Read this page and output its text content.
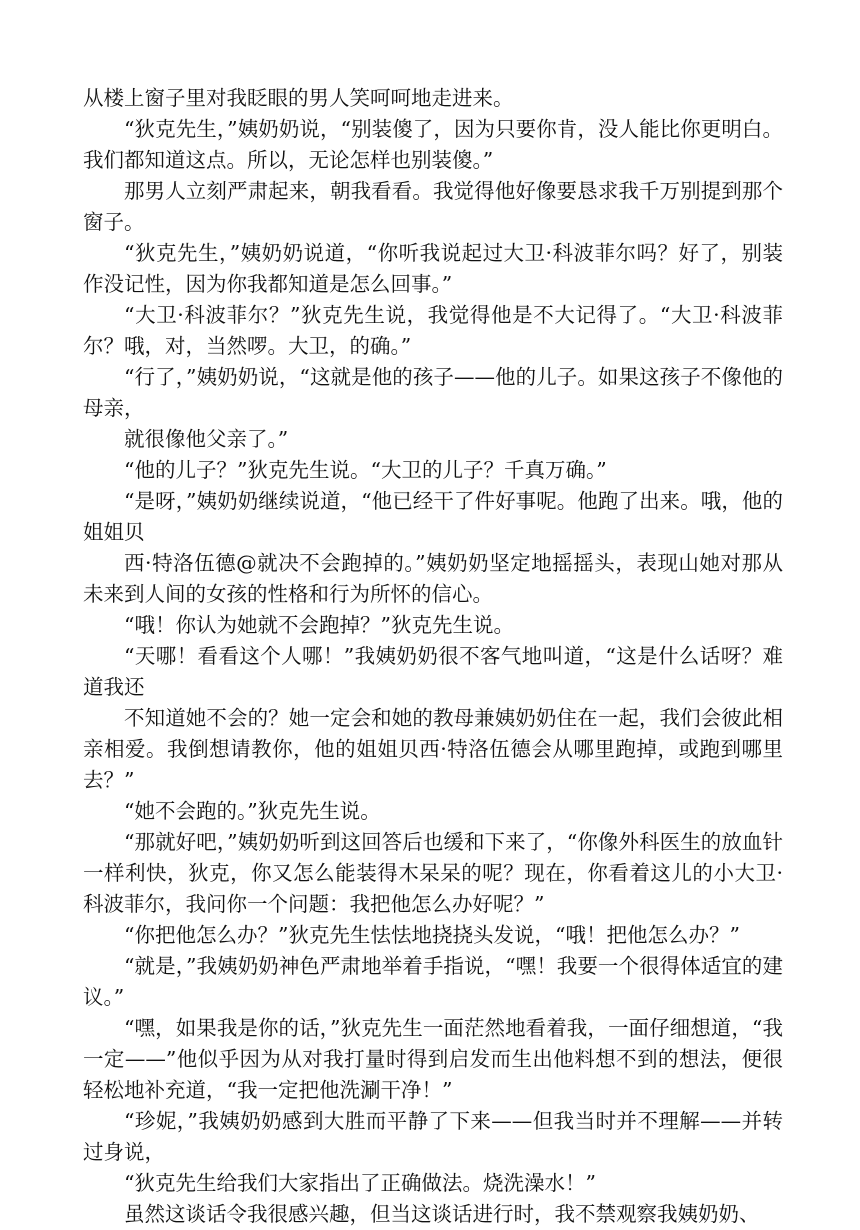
从楼上窗子里对我眨眼的男人笑呵呵地走进来。

“狄克先生，”姨奶奶说，“别装傻了，因为只要你肯，没人能比你更明白。我们都知道这点。所以，无论怎样也别装傻。”

那男人立刻严肃起来，朝我看看。我觉得他好像要恳求我千万别提到那个窗子。

“狄克先生，”姨奶奶说道，“你听我说起过大卫·科波菲尔吗？好了，别装作没记性，因为你我都知道是怎么回事。”

“大卫·科波菲尔？”狄克先生说，我觉得他是不大记得了。“大卫·科波菲尔？哦，对，当然啰。大卫，的确。”

“行了，”姨奶奶说，“这就是他的孩子——他的儿子。如果这孩子不像他的母亲，

就很像他父亲了。”

“他的儿子？”狄克先生说。“大卫的儿子？千真万确。”

“是呀，”姨奶奶继续说道，“他已经干了件好事呢。他跑了出来。哦，他的姐姐贝

西·特洛伍德@就决不会跑掉的。”姨奶奶坚定地摇摇头，表现山她对那从未来到人间的女孩的性格和行为所怀的信心。

“哦！你认为她就不会跑掉？”狄克先生说。

“天哪！看看这个人哪！”我姨奶奶很不客气地叫道，“这是什么话呀？难道我还

不知道她不会的？她一定会和她的教母兼姨奶奶住在一起，我们会彼此相亲相爱。我倒想请教你，他的姐姐贝西·特洛伍德会从哪里跑掉，或跑到哪里去？”

“她不会跑的。”狄克先生说。

“那就好吧，”姨奶奶听到这回答后也缓和下来了，“你像外科医生的放血针一样利快，狄克，你又怎么能装得木呆呆的呢？现在，你看着这儿的小大卫·科波菲尔，我问你一个问题：我把他怎么办好呢？”

“你把他怎么办？”狄克先生怯怯地挠挠头发说，“哦！把他怎么办？”

“就是，”我姨奶奶神色严肃地举着手指说，“嘿！我要一个很得体适宜的建议。”

“嘿，如果我是你的话，”狄克先生一面茫然地看着我，一面仔细想道，“我一定——”他似乎因为从对我打量时得到启发而生出他料想不到的想法，便很轻松地补充道，“我一定把他洗涮干净！”

“珍妮，”我姨奶奶感到大胜而平静了下来——但我当时并不理解——并转过身说，

“狄克先生给我们大家指出了正确做法。烧洗澡水！”

虽然这谈话令我很感兴趣，但当这谈话进行时，我不禁观察我姨奶奶、
